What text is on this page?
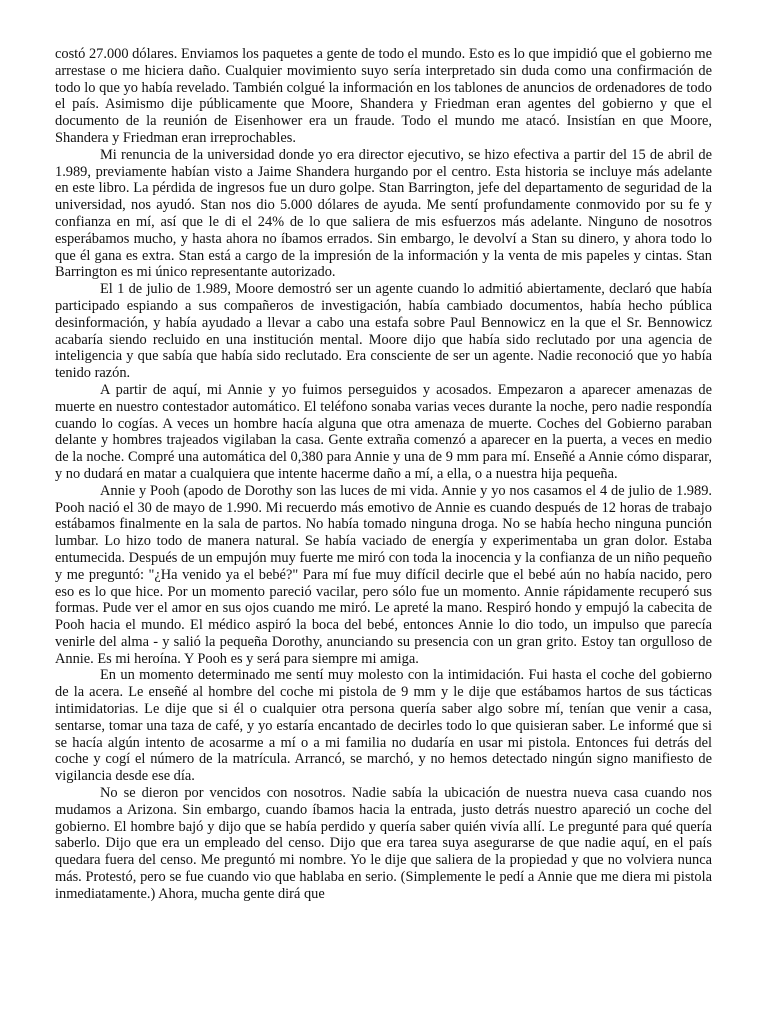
costó 27.000 dólares. Enviamos los paquetes a gente de todo el mundo. Esto es lo que impidió que el gobierno me arrestase o me hiciera daño. Cualquier movimiento suyo sería interpretado sin duda como una confirmación de todo lo que yo había revelado. También colgué la información en los tablones de anuncios de ordenadores de todo el país. Asimismo dije públicamente que Moore, Shandera y Friedman eran agentes del gobierno y que el documento de la reunión de Eisenhower era un fraude. Todo el mundo me atacó. Insistían en que Moore, Shandera y Friedman eran irreprochables.

Mi renuncia de la universidad donde yo era director ejecutivo, se hizo efectiva a partir del 15 de abril de 1.989, previamente habían visto a Jaime Shandera hurgando por el centro. Esta historia se incluye más adelante en este libro. La pérdida de ingresos fue un duro golpe. Stan Barrington, jefe del departamento de seguridad de la universidad, nos ayudó. Stan nos dio 5.000 dólares de ayuda. Me sentí profundamente conmovido por su fe y confianza en mí, así que le di el 24% de lo que saliera de mis esfuerzos más adelante. Ninguno de nosotros esperábamos mucho, y hasta ahora no íbamos errados. Sin embargo, le devolví a Stan su dinero, y ahora todo lo que él gana es extra. Stan está a cargo de la impresión de la información y la venta de mis papeles y cintas. Stan Barrington es mi único representante autorizado.

El 1 de julio de 1.989, Moore demostró ser un agente cuando lo admitió abiertamente, declaró que había participado espiando a sus compañeros de investigación, había cambiado documentos, había hecho pública desinformación, y había ayudado a llevar a cabo una estafa sobre Paul Bennowicz en la que el Sr. Bennowicz acabaría siendo recluido en una institución mental. Moore dijo que había sido reclutado por una agencia de inteligencia y que sabía que había sido reclutado. Era consciente de ser un agente. Nadie reconoció que yo había tenido razón.

A partir de aquí, mi Annie y yo fuimos perseguidos y acosados. Empezaron a aparecer amenazas de muerte en nuestro contestador automático. El teléfono sonaba varias veces durante la noche, pero nadie respondía cuando lo cogías. A veces un hombre hacía alguna que otra amenaza de muerte. Coches del Gobierno paraban delante y hombres trajeados vigilaban la casa. Gente extraña comenzó a aparecer en la puerta, a veces en medio de la noche. Compré una automática del 0,380 para Annie y una de 9 mm para mí. Enseñé a Annie cómo disparar, y no dudará en matar a cualquiera que intente hacerme daño a mí, a ella, o a nuestra hija pequeña.

Annie y Pooh (apodo de Dorothy son las luces de mi vida. Annie y yo nos casamos el 4 de julio de 1.989. Pooh nació el 30 de mayo de 1.990. Mi recuerdo más emotivo de Annie es cuando después de 12 horas de trabajo estábamos finalmente en la sala de partos. No había tomado ninguna droga. No se había hecho ninguna punción lumbar. Lo hizo todo de manera natural. Se había vaciado de energía y experimentaba un gran dolor. Estaba entumecida. Después de un empujón muy fuerte me miró con toda la inocencia y la confianza de un niño pequeño y me preguntó: "¿Ha venido ya el bebé?" Para mí fue muy difícil decirle que el bebé aún no había nacido, pero eso es lo que hice. Por un momento pareció vacilar, pero sólo fue un momento. Annie rápidamente recuperó sus formas. Pude ver el amor en sus ojos cuando me miró. Le apreté la mano. Respiró hondo y empujó la cabecita de Pooh hacia el mundo. El médico aspiró la boca del bebé, entonces Annie lo dio todo, un impulso que parecía venirle del alma - y salió la pequeña Dorothy, anunciando su presencia con un gran grito. Estoy tan orgulloso de Annie. Es mi heroína. Y Pooh es y será para siempre mi amiga.

En un momento determinado me sentí muy molesto con la intimidación. Fui hasta el coche del gobierno de la acera. Le enseñé al hombre del coche mi pistola de 9 mm y le dije que estábamos hartos de sus tácticas intimidatorias. Le dije que si él o cualquier otra persona quería saber algo sobre mí, tenían que venir a casa, sentarse, tomar una taza de café, y yo estaría encantado de decirles todo lo que quisieran saber. Le informé que si se hacía algún intento de acosarme a mí o a mi familia no dudaría en usar mi pistola. Entonces fui detrás del coche y cogí el número de la matrícula. Arrancó, se marchó, y no hemos detectado ningún signo manifiesto de vigilancia desde ese día.

No se dieron por vencidos con nosotros. Nadie sabía la ubicación de nuestra nueva casa cuando nos mudamos a Arizona. Sin embargo, cuando íbamos hacia la entrada, justo detrás nuestro apareció un coche del gobierno. El hombre bajó y dijo que se había perdido y quería saber quién vivía allí. Le pregunté para qué quería saberlo. Dijo que era un empleado del censo. Dijo que era tarea suya asegurarse de que nadie aquí, en el país quedara fuera del censo. Me preguntó mi nombre. Yo le dije que saliera de la propiedad y que no volviera nunca más. Protestó, pero se fue cuando vio que hablaba en serio. (Simplemente le pedí a Annie que me diera mi pistola inmediatamente.) Ahora, mucha gente dirá que
